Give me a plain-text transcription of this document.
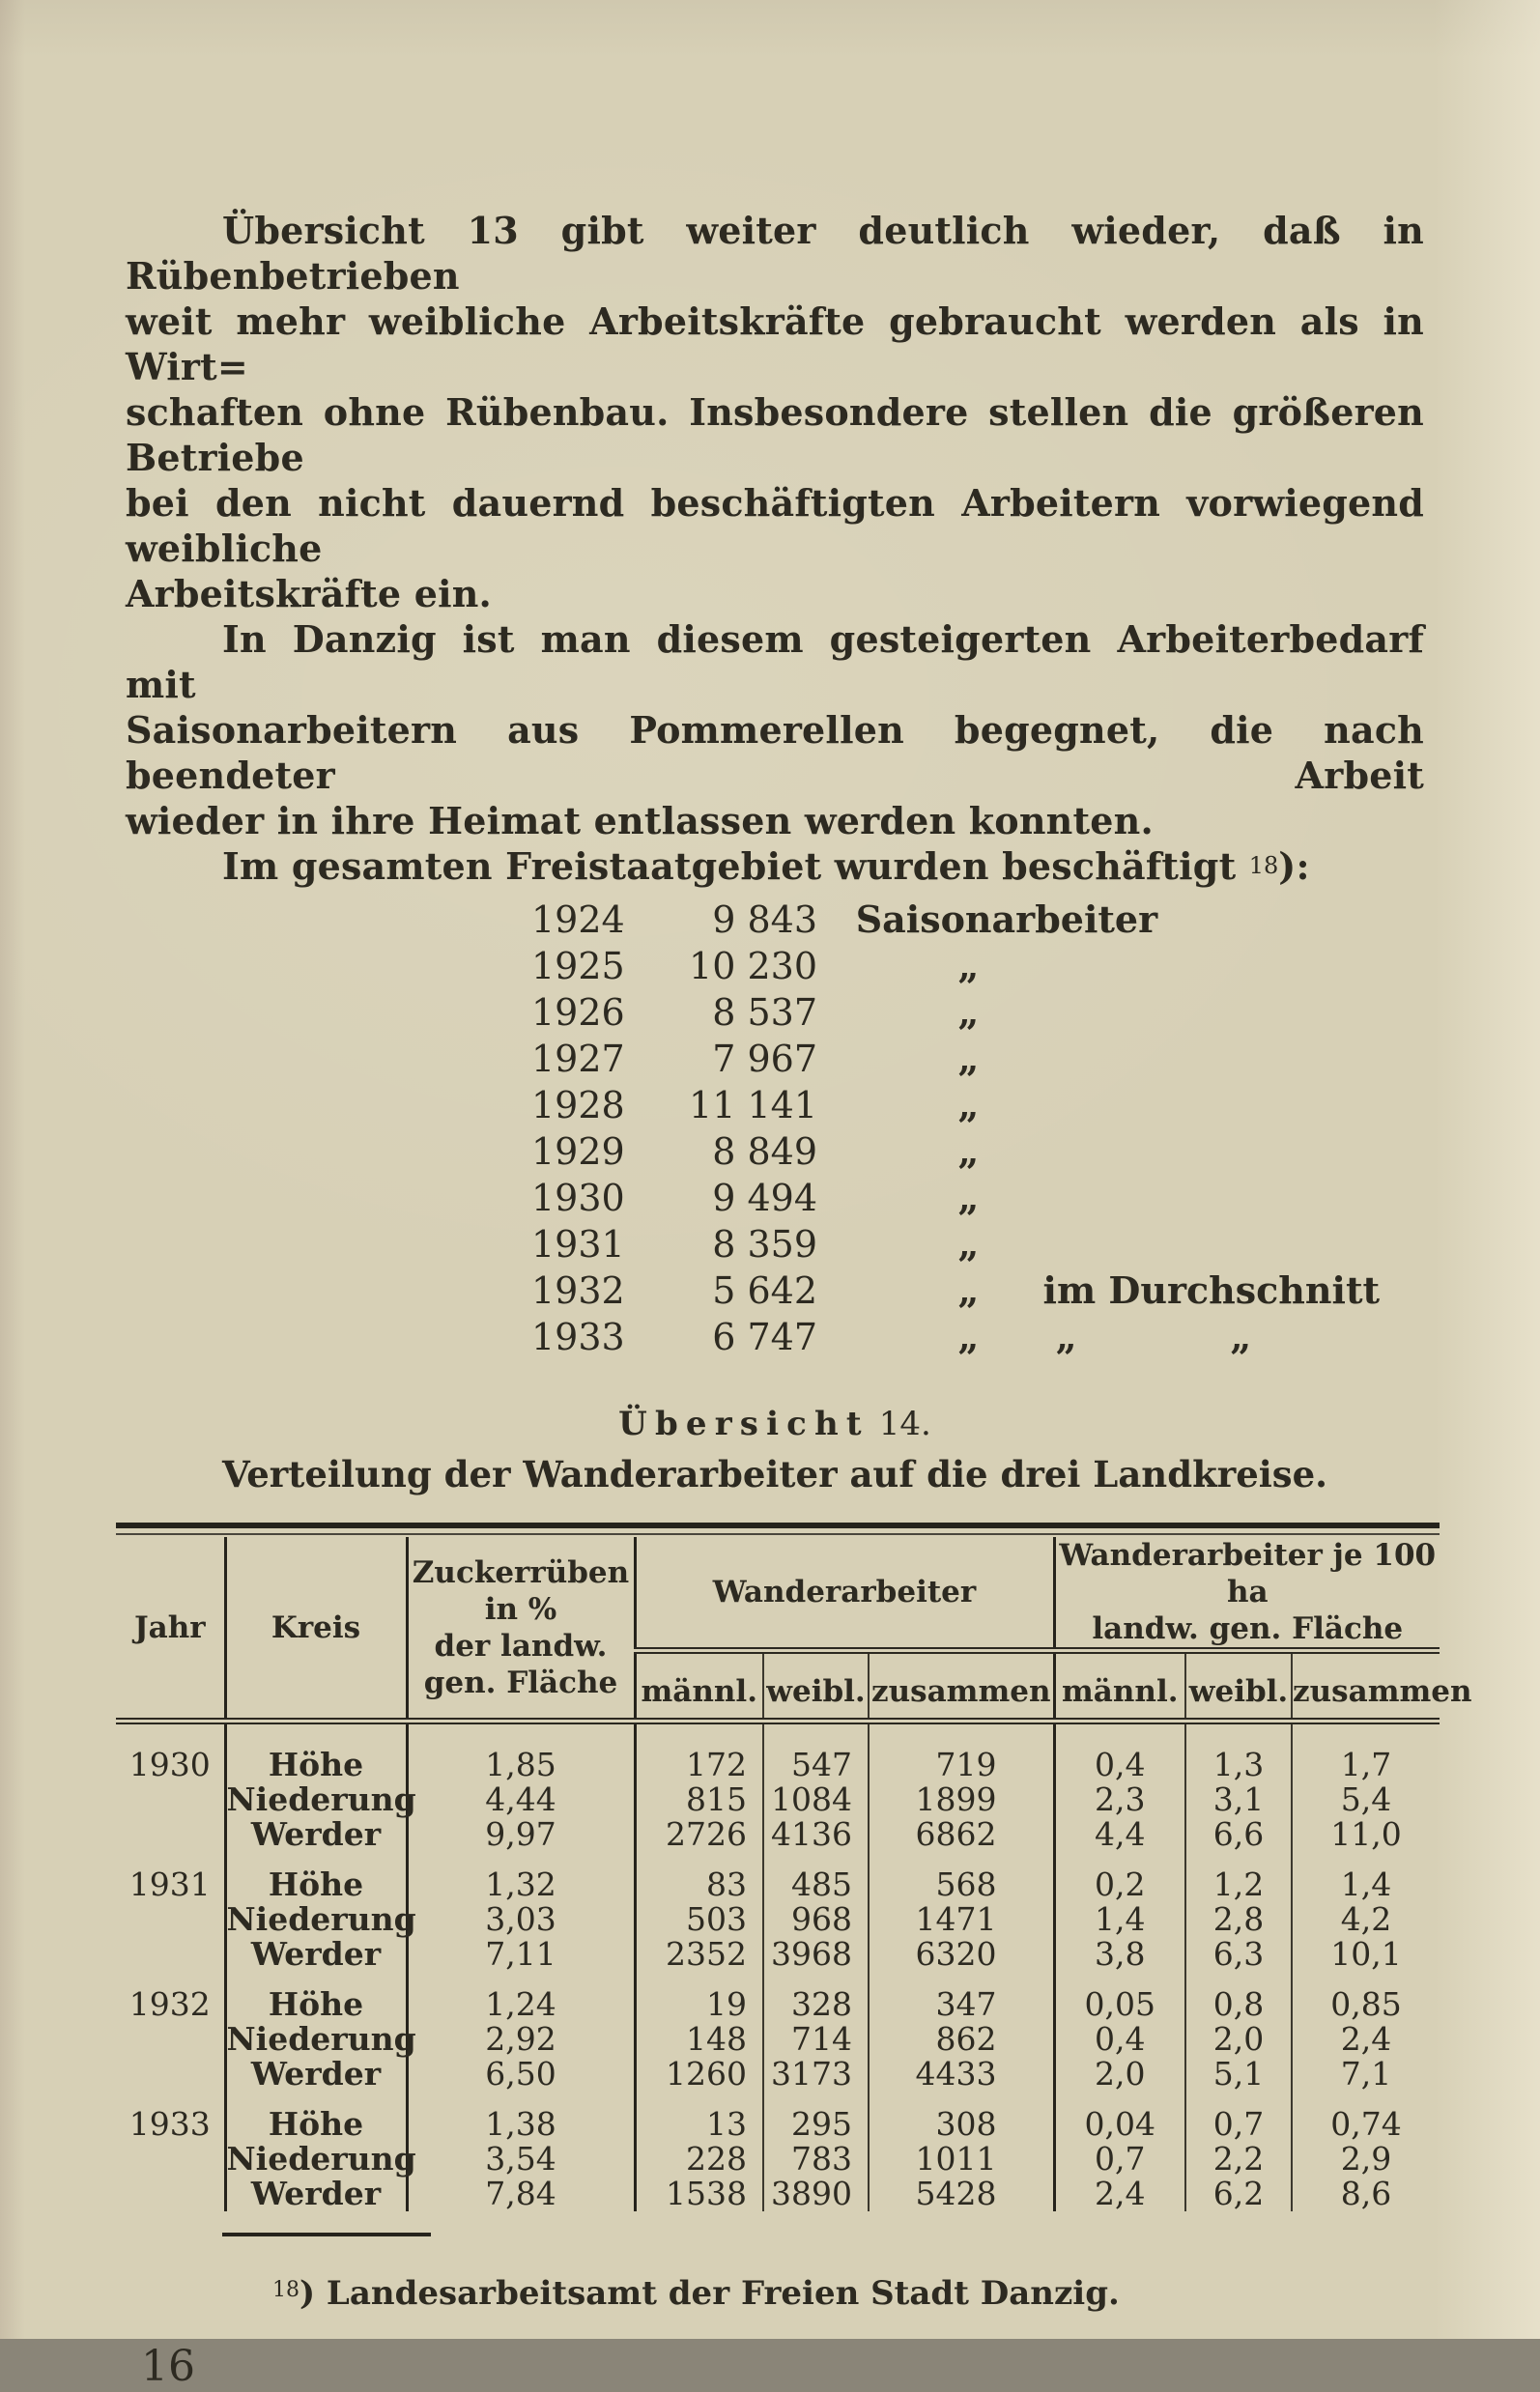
Übersicht 13 gibt weiter deutlich wieder, daß in Rübenbetrieben
weit mehr weibliche Arbeitskräfte gebraucht werden als in Wirt=
schaften ohne Rübenbau. Insbesondere stellen die größeren Betriebe
bei den nicht dauernd beschäftigten Arbeitern vorwiegend weibliche
Arbeitskräfte ein.
In Danzig ist man diesem gesteigerten Arbeiterbedarf mit
Saisonarbeitern aus Pommerellen begegnet, die nach beendeter Arbeit
wieder in ihre Heimat entlassen werden konnten.
Im gesamten Freistaatgebiet wurden beschäftigt $^{18}$):
1924	9 843 Saisonarbeiter
1925	10 230 „
1926	8 537 „
1927	7 967 „
1928	11 141 „
1929	8 849 „
1930	9 494 „
1931	8 359 „
1932	5 642 „     im Durchschnitt
1933	6 747 „      „            „
Übersicht 14.
Verteilung der Wanderarbeiter auf die drei Landkreise.
Jahr	Kreis	
Zuckerrüben
in %
der landw.
gen. Fläche
	Wanderarbeiter	
Wanderarbeiter je 100 ha
landw. gen. Fläche

			männl.	weibl.	zusammen	männl.	weibl.	zusammen
1930	Höhe	1,85	172	547	719	0,4	1,3	1,7
	Niederung	4,44	815	1084	1899	2,3	3,1	5,4
	Werder	9,97	2726	4136	6862	4,4	6,6	11,0
1931	Höhe	1,32	83	485	568	0,2	1,2	1,4
	Niederung	3,03	503	968	1471	1,4	2,8	4,2
	Werder	7,11	2352	3968	6320	3,8	6,3	10,1
1932	Höhe	1,24	19	328	347	0,05	0,8	0,85
	Niederung	2,92	148	714	862	0,4	2,0	2,4
	Werder	6,50	1260	3173	4433	2,0	5,1	7,1
1933	Höhe	1,38	13	295	308	0,04	0,7	0,74
	Niederung	3,54	228	783	1011	0,7	2,2	2,9
	Werder	7,84	1538	3890	5428	2,4	6,2	8,6
$^{18}$) Landesarbeitsamt der Freien Stadt Danzig.
16
